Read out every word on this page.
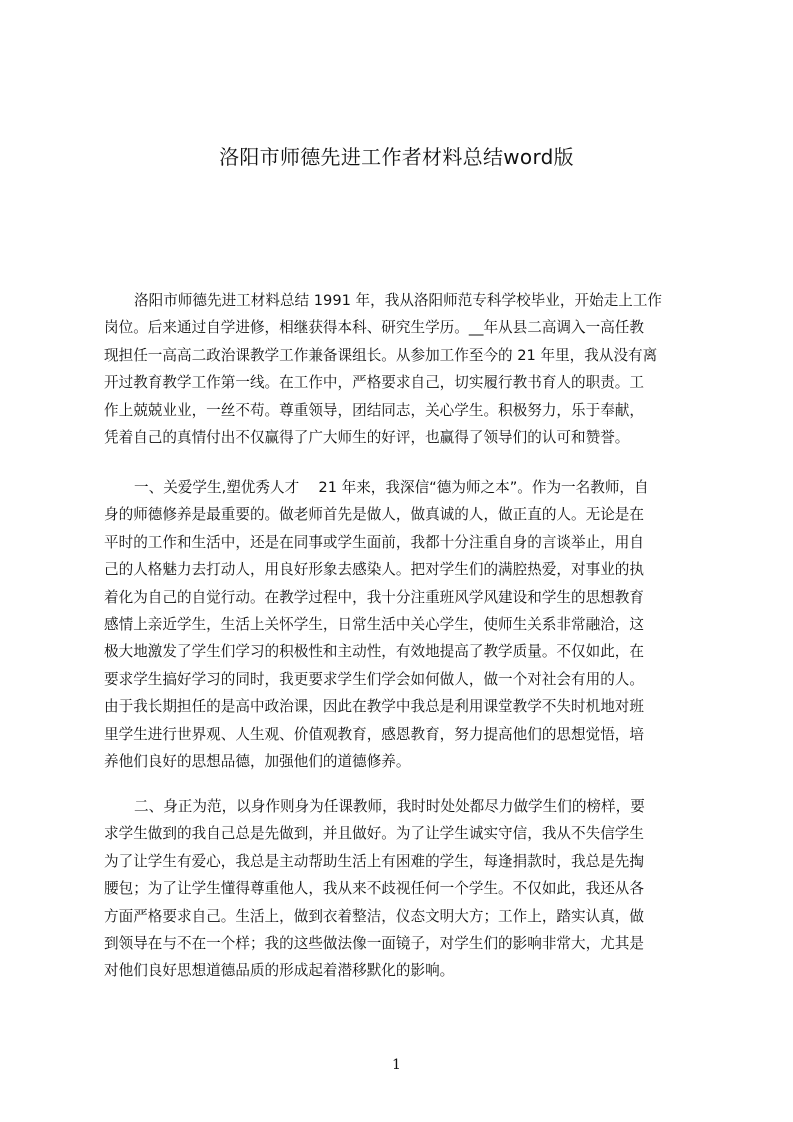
洛阳市师德先进工作者材料总结word版
洛阳市师德先进工材料总结 1991 年，我从洛阳师范专科学校毕业，开始走上工作
岗位。后来通过自学进修，相继获得本科、研究生学历。__年从县二高调入一高任教
现担任一高高二政治课教学工作兼备课组长。从参加工作至今的 21 年里，我从没有离
开过教育教学工作第一线。在工作中，严格要求自己，切实履行教书育人的职责。工
作上兢兢业业，一丝不苟。尊重领导，团结同志，关心学生。积极努力，乐于奉献，
凭着自己的真情付出不仅赢得了广大师生的好评，也赢得了领导们的认可和赞誉。
一、关爱学生,塑优秀人才　 21 年来，我深信“德为师之本”。作为一名教师，自
身的师德修养是最重要的。做老师首先是做人，做真诚的人，做正直的人。无论是在
平时的工作和生活中，还是在同事或学生面前，我都十分注重自身的言谈举止，用自
己的人格魅力去打动人，用良好形象去感染人。把对学生们的满腔热爱，对事业的执
着化为自己的自觉行动。在教学过程中，我十分注重班风学风建设和学生的思想教育
感情上亲近学生，生活上关怀学生，日常生活中关心学生，使师生关系非常融洽，这
极大地激发了学生们学习的积极性和主动性，有效地提高了教学质量。不仅如此，在
要求学生搞好学习的同时，我更要求学生们学会如何做人，做一个对社会有用的人。
由于我长期担任的是高中政治课，因此在教学中我总是利用课堂教学不失时机地对班
里学生进行世界观、人生观、价值观教育，感恩教育，努力提高他们的思想觉悟，培
养他们良好的思想品德，加强他们的道德修养。
二、身正为范，以身作则身为任课教师，我时时处处都尽力做学生们的榜样，要
求学生做到的我自己总是先做到，并且做好。为了让学生诚实守信，我从不失信学生
为了让学生有爱心，我总是主动帮助生活上有困难的学生，每逢捐款时，我总是先掏
腰包；为了让学生懂得尊重他人，我从来不歧视任何一个学生。不仅如此，我还从各
方面严格要求自己。生活上，做到衣着整洁，仪态文明大方；工作上，踏实认真，做
到领导在与不在一个样；我的这些做法像一面镜子，对学生们的影响非常大，尤其是
对他们良好思想道德品质的形成起着潜移默化的影响。
1
